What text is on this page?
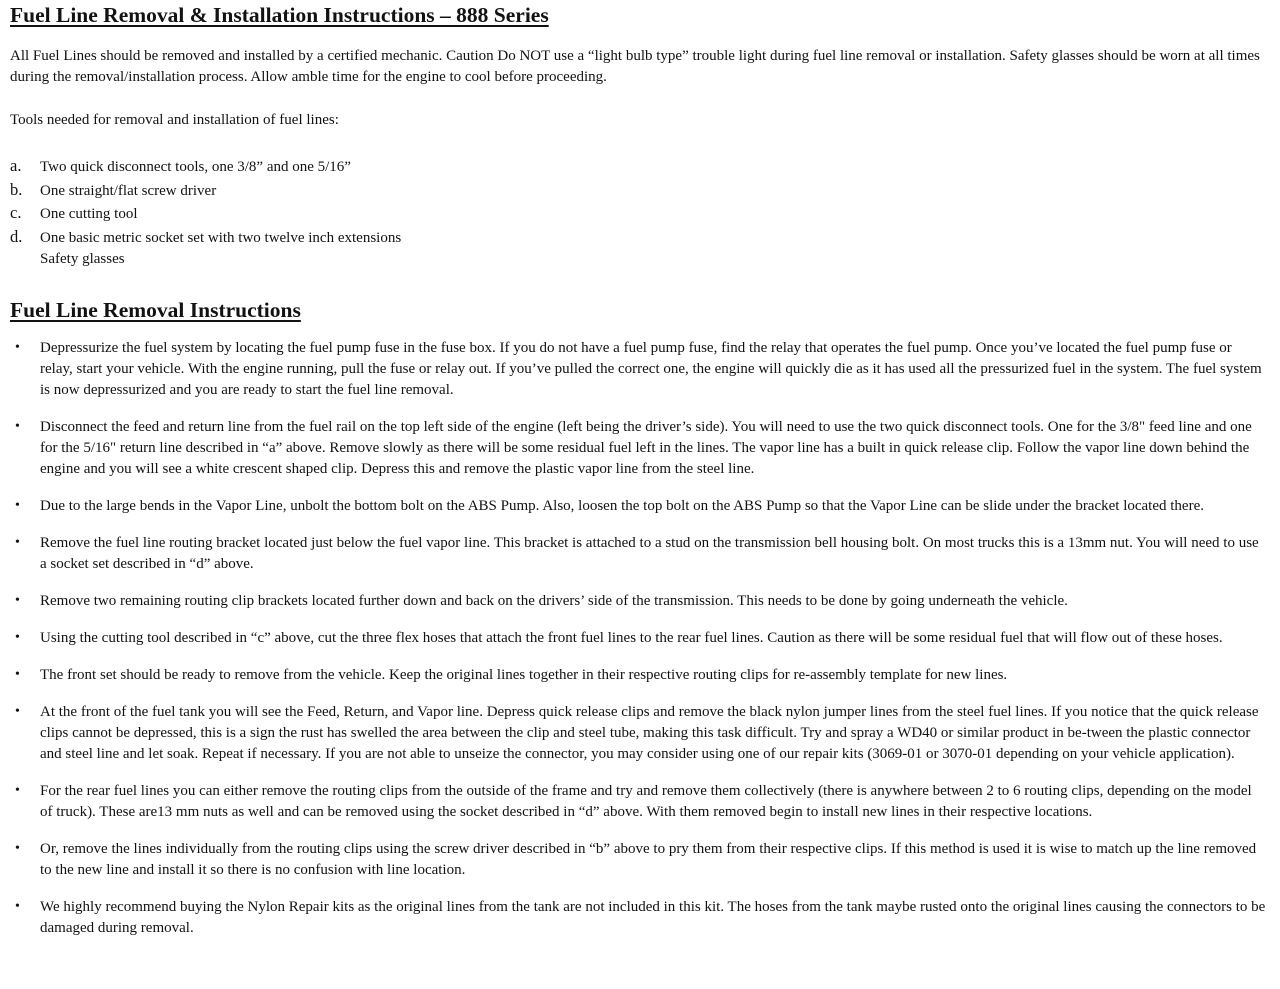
Fuel Line Removal & Installation Instructions – 888 Series

All Fuel Lines should be removed and installed by a certified mechanic. Caution Do NOT use a “light bulb type” trouble light during fuel line removal or installation. Safety glasses should be worn at all times during the removal/installation process. Allow amble time for the engine to cool before proceeding.

Tools needed for removal and installation of fuel lines:

a.	Two quick disconnect tools, one 3/8” and one 5/16”
b.	One straight/flat screw driver
c.	One cutting tool
d.	One basic metric socket set with two twelve inch extensions
Safety glasses
Fuel Line Removal Instructions
• Depressurize the fuel system by locating the fuel pump fuse in the fuse box. If you do not have a fuel pump fuse, find the relay that operates the fuel pump. Once you’ve located the fuel pump fuse or relay, start your vehicle. With the engine running, pull the fuse or relay out. If you’ve pulled the correct one, the engine will quickly die as it has used all the pressurized fuel in the system. The fuel system is now depressurized and you are ready to start the fuel line removal.
• Disconnect the feed and return line from the fuel rail on the top left side of the engine (left being the driver’s side). You will need to use the two quick disconnect tools. One for the 3/8" feed line and one for the 5/16" return line described in “a” above. Remove slowly as there will be some residual fuel left in the lines. The vapor line has a built in quick release clip. Follow the vapor line down behind the engine and you will see a white crescent shaped clip. Depress this and remove the plastic vapor line from the steel line.
• Due to the large bends in the Vapor Line, unbolt the bottom bolt on the ABS Pump. Also, loosen the top bolt on the ABS Pump so that the Vapor Line can be slide under the bracket located there.
• Remove the fuel line routing bracket located just below the fuel vapor line. This bracket is attached to a stud on the transmission bell housing bolt. On most trucks this is a 13mm nut. You will need to use a socket set described in “d” above.
• Remove two remaining routing clip brackets located further down and back on the drivers’ side of the transmission. This needs to be done by going underneath the vehicle.
• Using the cutting tool described in “c” above, cut the three flex hoses that attach the front fuel lines to the rear fuel lines. Caution as there will be some residual fuel that will flow out of these hoses.
• The front set should be ready to remove from the vehicle. Keep the original lines together in their respective routing clips for re-assembly template for new lines.
• At the front of the fuel tank you will see the Feed, Return, and Vapor line. Depress quick release clips and remove the black nylon jumper lines from the steel fuel lines. If you notice that the quick release clips cannot be depressed, this is a sign the rust has swelled the area between the clip and steel tube, making this task difficult. Try and spray a WD40 or similar product in be-tween the plastic connector and steel line and let soak. Repeat if necessary. If you are not able to unseize the connector, you may consider using one of our repair kits (3069-01 or 3070-01 depending on your vehicle application).
• For the rear fuel lines you can either remove the routing clips from the outside of the frame and try and remove them collectively (there is anywhere between 2 to 6 routing clips, depending on the model of truck). These are13 mm nuts as well and can be removed using the socket described in “d” above. With them removed begin to install new lines in their respective locations.
• Or, remove the lines individually from the routing clips using the screw driver described in “b” above to pry them from their respective clips. If this method is used it is wise to match up the line removed to the new line and install it so there is no confusion with line location.
• We highly recommend buying the Nylon Repair kits as the original lines from the tank are not included in this kit. The hoses from the tank maybe rusted onto the original lines causing the connectors to be damaged during removal.
